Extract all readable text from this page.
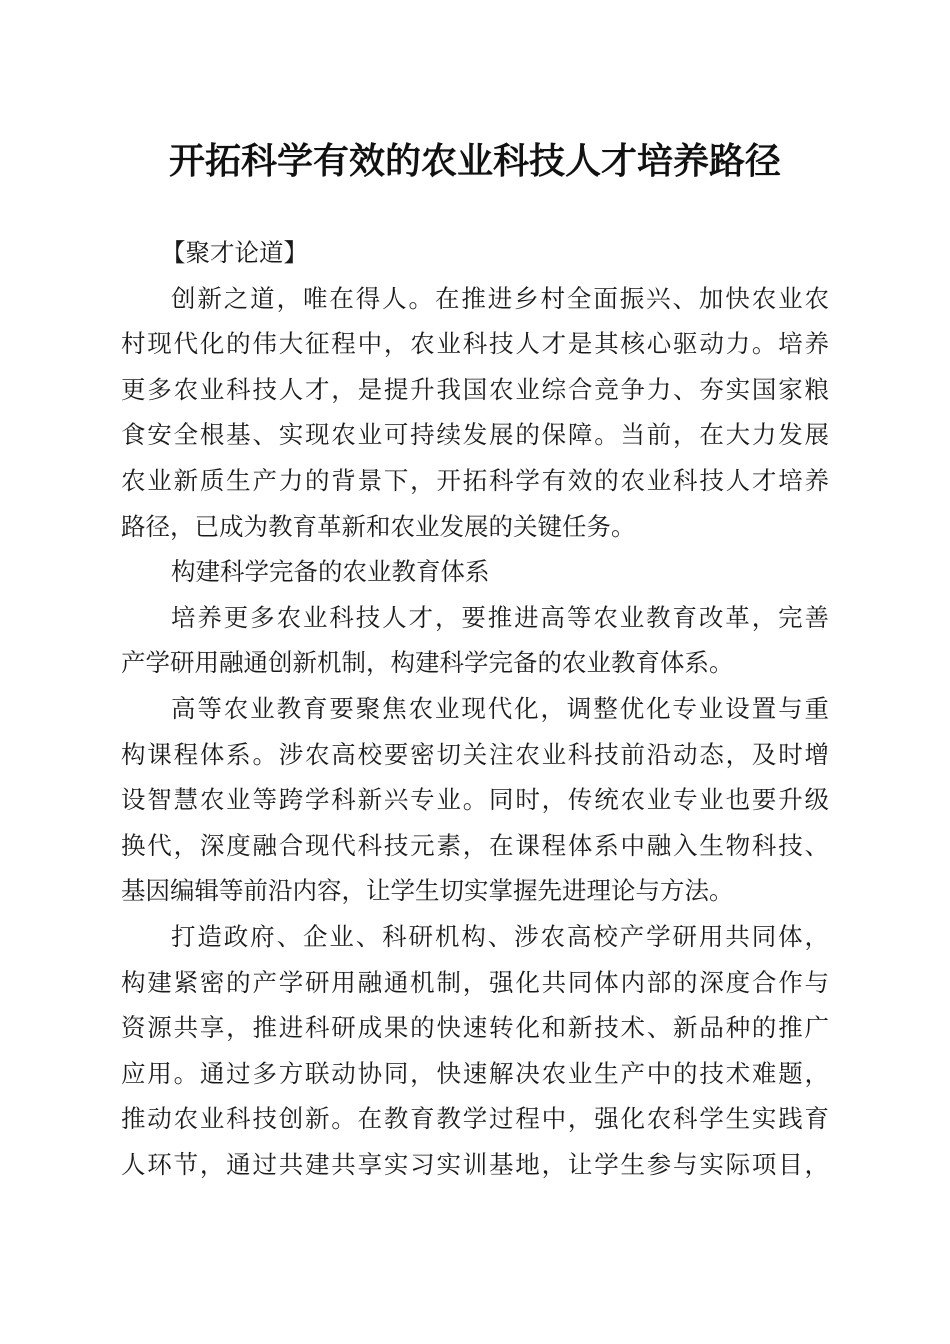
开拓科学有效的农业科技人才培养路径
【聚才论道】
创新之道，唯在得人。在推进乡村全面振兴、加快农业农
村现代化的伟大征程中，农业科技人才是其核心驱动力。培养
更多农业科技人才，是提升我国农业综合竞争力、夯实国家粮
食安全根基、实现农业可持续发展的保障。当前，在大力发展
农业新质生产力的背景下，开拓科学有效的农业科技人才培养
路径，已成为教育革新和农业发展的关键任务。
构建科学完备的农业教育体系
培养更多农业科技人才，要推进高等农业教育改革，完善
产学研用融通创新机制，构建科学完备的农业教育体系。
高等农业教育要聚焦农业现代化，调整优化专业设置与重
构课程体系。涉农高校要密切关注农业科技前沿动态，及时增
设智慧农业等跨学科新兴专业。同时，传统农业专业也要升级
换代，深度融合现代科技元素，在课程体系中融入生物科技、
基因编辑等前沿内容，让学生切实掌握先进理论与方法。
打造政府、企业、科研机构、涉农高校产学研用共同体，
构建紧密的产学研用融通机制，强化共同体内部的深度合作与
资源共享，推进科研成果的快速转化和新技术、新品种的推广
应用。通过多方联动协同，快速解决农业生产中的技术难题，
推动农业科技创新。在教育教学过程中，强化农科学生实践育
人环节，通过共建共享实习实训基地，让学生参与实际项目，
